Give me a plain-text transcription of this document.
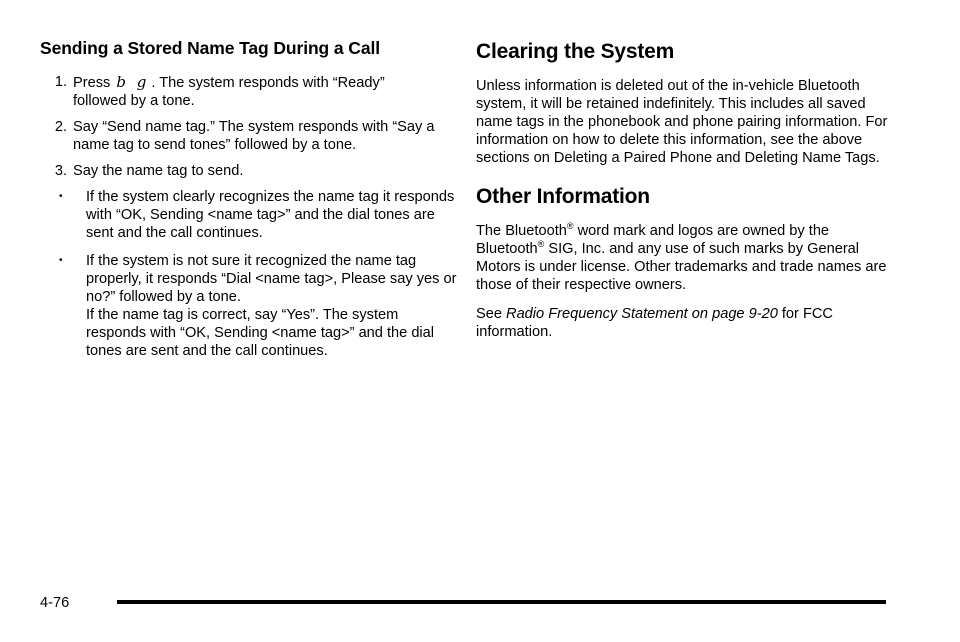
Sending a Stored Name Tag During a Call
1. Press b g . The system responds with “Ready”
followed by a tone.
2. Say “Send name tag.” The system responds with “Say a name tag to send tones” followed by a tone.
3. Say the name tag to send.
•	If the system clearly recognizes the name tag it responds with “OK, Sending <name tag>” and the dial tones are sent and the call continues.
•	If the system is not sure it recognized the name tag properly, it responds “Dial <name tag>, Please say yes or no?” followed by a tone.
If the name tag is correct, say “Yes”. The system responds with “OK, Sending <name tag>” and the dial tones are sent and the call continues.
Clearing the System

Unless information is deleted out of the in-vehicle Bluetooth system, it will be retained indefinitely. This includes all saved name tags in the phonebook and phone pairing information. For information on how to delete this information, see the above sections on Deleting a Paired Phone and Deleting Name Tags.

Other Information

The Bluetooth® word mark and logos are owned by the Bluetooth® SIG, Inc. and any use of such marks by General Motors is under license. Other trademarks and trade names are those of their respective owners.

See Radio Frequency Statement on page 9-20 for FCC information.

4-76
